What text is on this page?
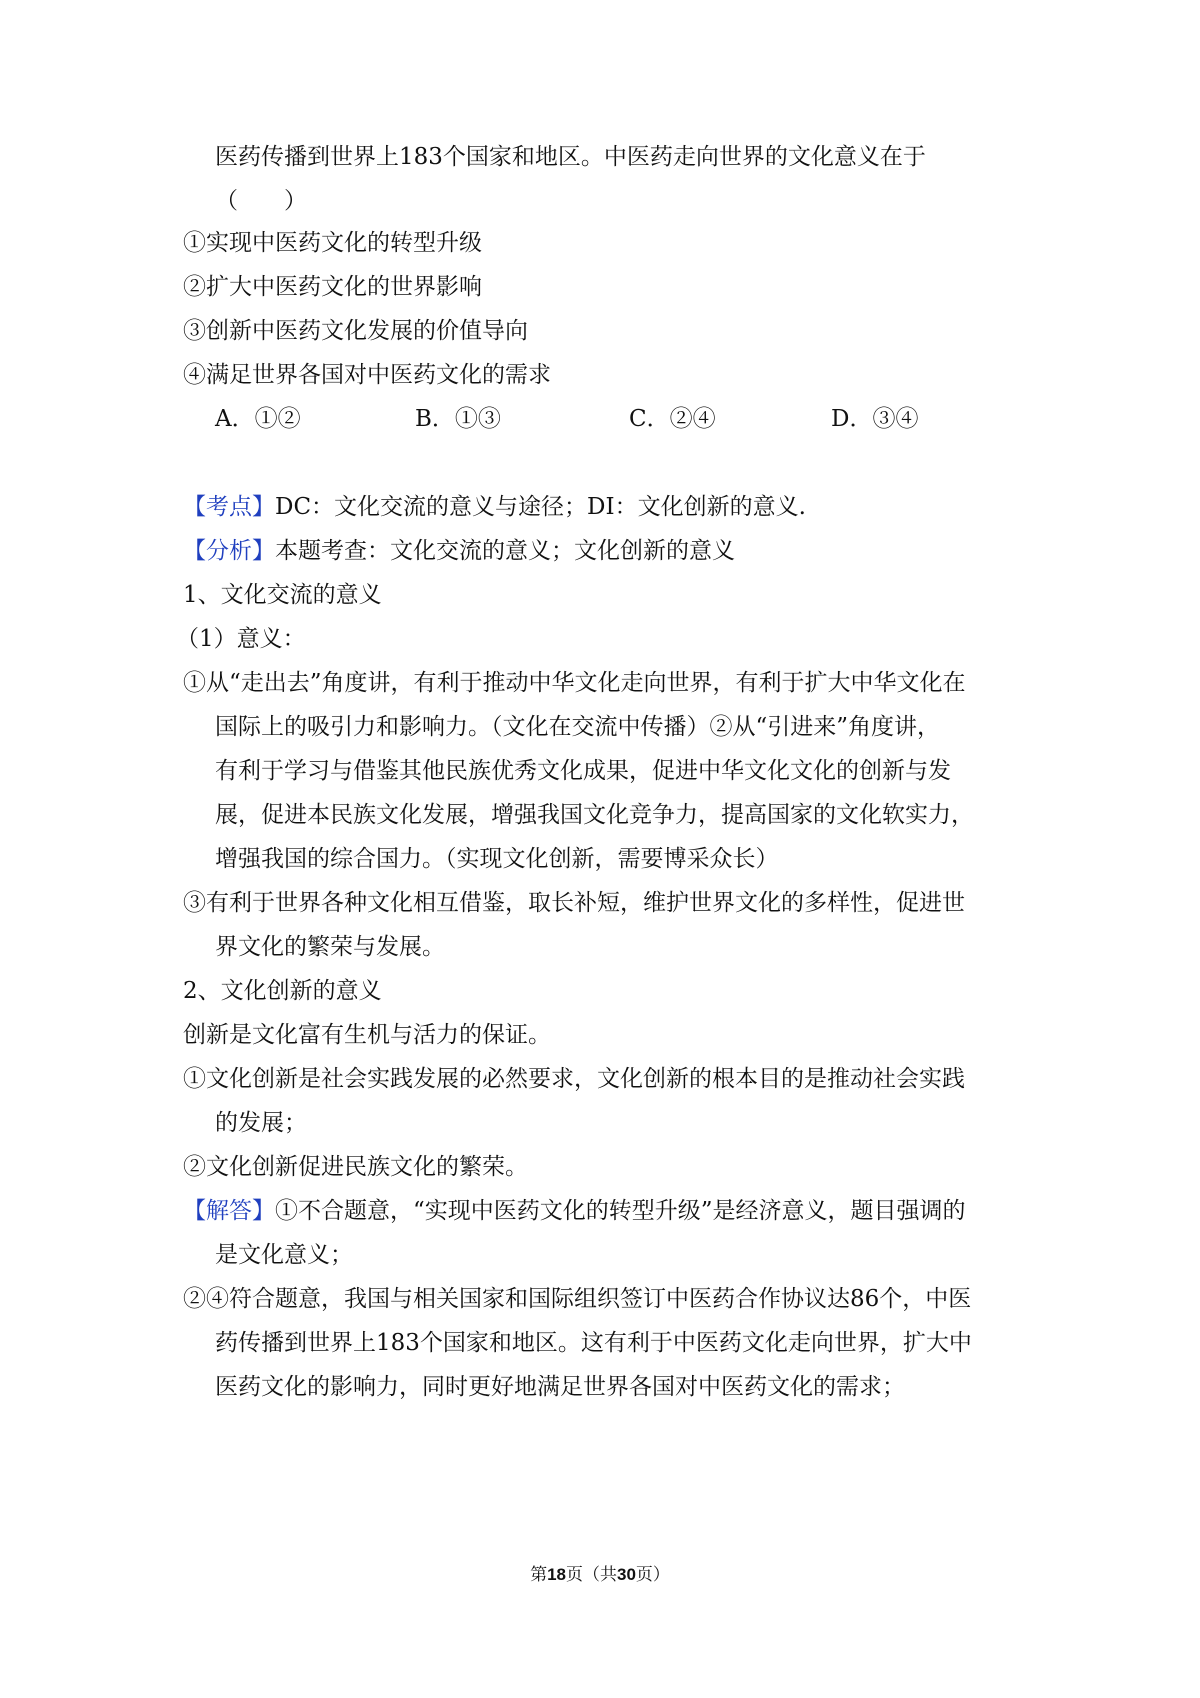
医药传播到世界上183个国家和地区。中医药走向世界的文化意义在于
（　　）
①实现中医药文化的转型升级
②扩大中医药文化的世界影响
③创新中医药文化发展的价值导向
④满足世界各国对中医药文化的需求
A．①②	B．①③	C．②④	D．③④
【考点】DC：文化交流的意义与途径；DI：文化创新的意义.
【分析】本题考查：文化交流的意义；文化创新的意义
1、文化交流的意义
（1）意义：
①从“走出去”角度讲，有利于推动中华文化走向世界，有利于扩大中华文化在
国际上的吸引力和影响力。（文化在交流中传播）②从“引进来”角度讲，
有利于学习与借鉴其他民族优秀文化成果，促进中华文化文化的创新与发
展，促进本民族文化发展，增强我国文化竞争力，提高国家的文化软实力，
增强我国的综合国力。（实现文化创新，需要博采众长）
③有利于世界各种文化相互借鉴，取长补短，维护世界文化的多样性，促进世
界文化的繁荣与发展。
2、文化创新的意义
创新是文化富有生机与活力的保证。
①文化创新是社会实践发展的必然要求，文化创新的根本目的是推动社会实践
的发展；
②文化创新促进民族文化的繁荣。
【解答】①不合题意，“实现中医药文化的转型升级”是经济意义，题目强调的
是文化意义；
②④符合题意，我国与相关国家和国际组织签订中医药合作协议达86个，中医
药传播到世界上183个国家和地区。这有利于中医药文化走向世界，扩大中
医药文化的影响力，同时更好地满足世界各国对中医药文化的需求；
第18页（共30页）
